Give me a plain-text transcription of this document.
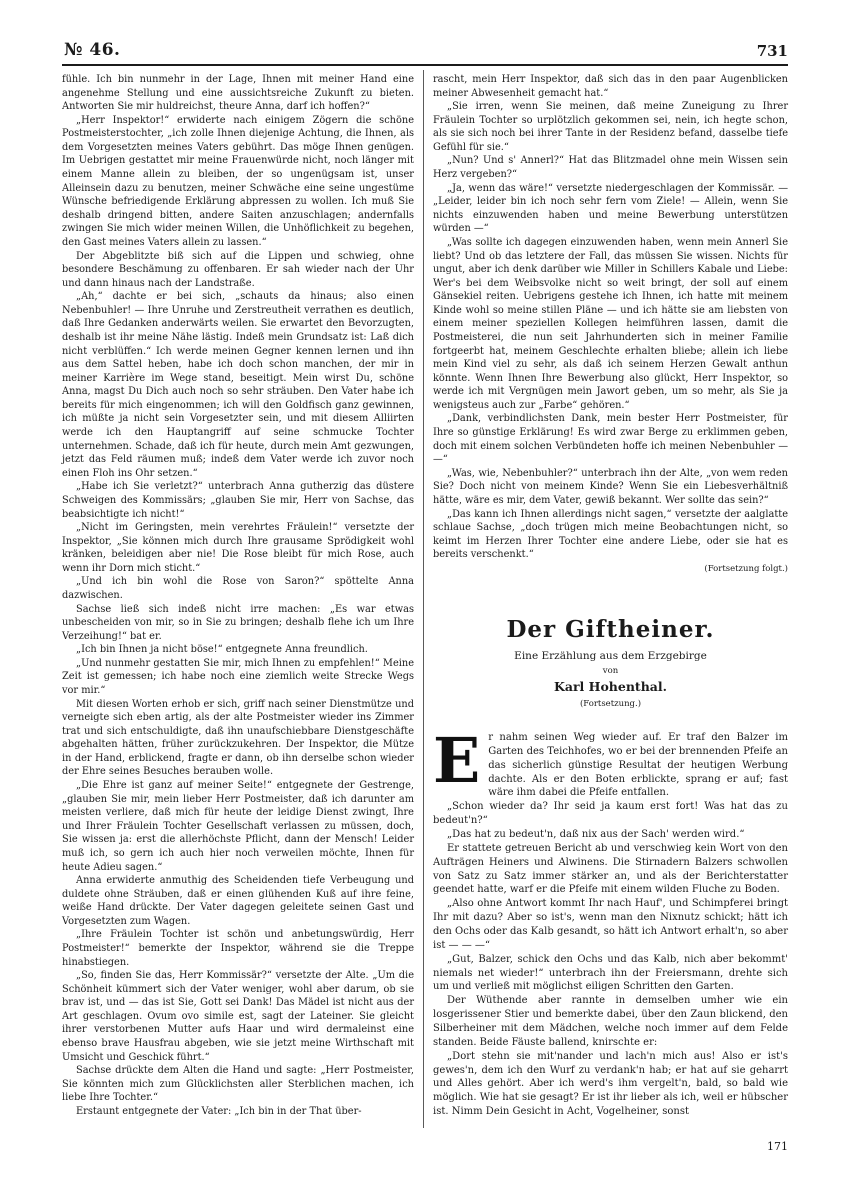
№ 46.	731

fühle. Ich bin nunmehr in der Lage, Ihnen mit meiner Hand eine angenehme Stellung und eine aussichtsreiche Zukunft zu bieten. Antworten Sie mir huldreichst, theure Anna, darf ich hoffen?“

„Herr Inspektor!“ erwiderte nach einigem Zögern die schöne Postmeisterstochter, „ich zolle Ihnen diejenige Achtung, die Ihnen, als dem Vorgesetzten meines Vaters gebührt. Das möge Ihnen genügen. Im Uebrigen gestattet mir meine Frauenwürde nicht, noch länger mit einem Manne allein zu bleiben, der so ungenügsam ist, unser Alleinsein dazu zu benutzen, meiner Schwäche eine seine ungestüme Wünsche befriedigende Erklärung abpressen zu wollen. Ich muß Sie deshalb dringend bitten, andere Saiten anzuschlagen; andernfalls zwingen Sie mich wider meinen Willen, die Unhöflichkeit zu begehen, den Gast meines Vaters allein zu lassen.“

Der Abgeblitzte biß sich auf die Lippen und schwieg, ohne besondere Beschämung zu offenbaren. Er sah wieder nach der Uhr und dann hinaus nach der Landstraße.

„Ah,“ dachte er bei sich, „schauts da hinaus; also einen Nebenbuhler! — Ihre Unruhe und Zerstreutheit verrathen es deutlich, daß Ihre Gedanken anderwärts weilen. Sie erwartet den Bevorzugten, deshalb ist ihr meine Nähe lästig. Indeß mein Grundsatz ist: Laß dich nicht verblüffen.“ Ich werde meinen Gegner kennen lernen und ihn aus dem Sattel heben, habe ich doch schon manchen, der mir in meiner Karrière im Wege stand, beseitigt. Mein wirst Du, schöne Anna, magst Du Dich auch noch so sehr sträuben. Den Vater habe ich bereits für mich eingenommen; ich will den Goldfisch ganz gewinnen, ich müßte ja nicht sein Vorgesetzter sein, und mit diesem Alliirten werde ich den Hauptangriff auf seine schmucke Tochter unternehmen. Schade, daß ich für heute, durch mein Amt gezwungen, jetzt das Feld räumen muß; indeß dem Vater werde ich zuvor noch einen Floh ins Ohr setzen.“

„Habe ich Sie verletzt?“ unterbrach Anna gutherzig das düstere Schweigen des Kommissärs; „glauben Sie mir, Herr von Sachse, das beabsichtigte ich nicht!“

„Nicht im Geringsten, mein verehrtes Fräulein!“ versetzte der Inspektor, „Sie können mich durch Ihre grausame Sprödigkeit wohl kränken, beleidigen aber nie! Die Rose bleibt für mich Rose, auch wenn ihr Dorn mich sticht.“

„Und ich bin wohl die Rose von Saron?“ spöttelte Anna dazwischen.

Sachse ließ sich indeß nicht irre machen: „Es war etwas unbescheiden von mir, so in Sie zu bringen; deshalb flehe ich um Ihre Verzeihung!“ bat er.

„Ich bin Ihnen ja nicht böse!“ entgegnete Anna freundlich.

„Und nunmehr gestatten Sie mir, mich Ihnen zu empfehlen!“ Meine Zeit ist gemessen; ich habe noch eine ziemlich weite Strecke Wegs vor mir.“

Mit diesen Worten erhob er sich, griff nach seiner Dienstmütze und verneigte sich eben artig, als der alte Postmeister wieder ins Zimmer trat und sich entschuldigte, daß ihn unaufschiebbare Dienstgeschäfte abgehalten hätten, früher zurückzukehren. Der Inspektor, die Mütze in der Hand, erblickend, fragte er dann, ob ihn derselbe schon wieder der Ehre seines Besuches berauben wolle.

„Die Ehre ist ganz auf meiner Seite!“ entgegnete der Gestrenge, „glauben Sie mir, mein lieber Herr Postmeister, daß ich darunter am meisten verliere, daß mich für heute der leidige Dienst zwingt, Ihre und Ihrer Fräulein Tochter Gesellschaft verlassen zu müssen, doch, Sie wissen ja: erst die allerhöchste Pflicht, dann der Mensch! Leider muß ich, so gern ich auch hier noch verweilen möchte, Ihnen für heute Adieu sagen.“

Anna erwiderte anmuthig des Scheidenden tiefe Verbeugung und duldete ohne Sträuben, daß er einen glühenden Kuß auf ihre feine, weiße Hand drückte. Der Vater dagegen geleitete seinen Gast und Vorgesetzten zum Wagen.

„Ihre Fräulein Tochter ist schön und anbetungswürdig, Herr Postmeister!“ bemerkte der Inspektor, während sie die Treppe hinabstiegen.

„So, finden Sie das, Herr Kommissär?“ versetzte der Alte. „Um die Schönheit kümmert sich der Vater weniger, wohl aber darum, ob sie brav ist, und — das ist Sie, Gott sei Dank! Das Mädel ist nicht aus der Art geschlagen. Ovum ovo simile est, sagt der Lateiner. Sie gleicht ihrer verstorbenen Mutter aufs Haar und wird dermaleinst eine ebenso brave Hausfrau abgeben, wie sie jetzt meine Wirthschaft mit Umsicht und Geschick führt.“

Sachse drückte dem Alten die Hand und sagte: „Herr Postmeister, Sie könnten mich zum Glücklichsten aller Sterblichen machen, ich liebe Ihre Tochter.“

Erstaunt entgegnete der Vater: „Ich bin in der That über-

rascht, mein Herr Inspektor, daß sich das in den paar Augenblicken meiner Abwesenheit gemacht hat.“

„Sie irren, wenn Sie meinen, daß meine Zuneigung zu Ihrer Fräulein Tochter so urplötzlich gekommen sei, nein, ich hegte schon, als sie sich noch bei ihrer Tante in der Residenz befand, dasselbe tiefe Gefühl für sie.“

„Nun? Und s' Annerl?“ Hat das Blitzmadel ohne mein Wissen sein Herz vergeben?“

„Ja, wenn das wäre!“ versetzte niedergeschlagen der Kommissär. — „Leider, leider bin ich noch sehr fern vom Ziele! — Allein, wenn Sie nichts einzuwenden haben und meine Bewerbung unterstützen würden —“

„Was sollte ich dagegen einzuwenden haben, wenn mein Annerl Sie liebt? Und ob das letztere der Fall, das müssen Sie wissen. Nichts für ungut, aber ich denk darüber wie Miller in Schillers Kabale und Liebe: Wer's bei dem Weibsvolke nicht so weit bringt, der soll auf einem Gänsekiel reiten. Uebrigens gestehe ich Ihnen, ich hatte mit meinem Kinde wohl so meine stillen Pläne — und ich hätte sie am liebsten von einem meiner speziellen Kollegen heimführen lassen, damit die Postmeisterei, die nun seit Jahrhunderten sich in meiner Familie fortgeerbt hat, meinem Geschlechte erhalten bliebe; allein ich liebe mein Kind viel zu sehr, als daß ich seinem Herzen Gewalt anthun könnte. Wenn Ihnen Ihre Bewerbung also glückt, Herr Inspektor, so werde ich mit Vergnügen mein Jawort geben, um so mehr, als Sie ja wenigsteus auch zur „Farbe“ gehören.“

„Dank, verbindlichsten Dank, mein bester Herr Postmeister, für Ihre so günstige Erklärung! Es wird zwar Berge zu erklimmen geben, doch mit einem solchen Verbündeten hoffe ich meinen Nebenbuhler — —“

„Was, wie, Nebenbuhler?“ unterbrach ihn der Alte, „von wem reden Sie? Doch nicht von meinem Kinde? Wenn Sie ein Liebesverhältniß hätte, wäre es mir, dem Vater, gewiß bekannt. Wer sollte das sein?“

„Das kann ich Ihnen allerdings nicht sagen,“ versetzte der aalglatte schlaue Sachse, „doch trügen mich meine Beobachtungen nicht, so keimt im Herzen Ihrer Tochter eine andere Liebe, oder sie hat es bereits verschenkt.“

(Fortsetzung folgt.)

Der Giftheiner.

Eine Erzählung aus dem Erzgebirge

von

Karl Hohenthal.

(Fortsetzung.)

Er nahm seinen Weg wieder auf. Er traf den Balzer im Garten des Teichhofes, wo er bei der brennenden Pfeife an das sicherlich günstige Resultat der heutigen Werbung dachte. Als er den Boten erblickte, sprang er auf; fast wäre ihm dabei die Pfeife entfallen.

„Schon wieder da? Ihr seid ja kaum erst fort! Was hat das zu bedeut'n?“

„Das hat zu bedeut'n, daß nix aus der Sach' werden wird.“

Er stattete getreuen Bericht ab und verschwieg kein Wort von den Aufträgen Heiners und Alwinens. Die Stirnadern Balzers schwollen von Satz zu Satz immer stärker an, und als der Berichterstatter geendet hatte, warf er die Pfeife mit einem wilden Fluche zu Boden.

„Also ohne Antwort kommt Ihr nach Hauf', und Schimpferei bringt Ihr mit dazu? Aber so ist's, wenn man den Nixnutz schickt; hätt ich den Ochs oder das Kalb gesandt, so hätt ich Antwort erhalt'n, so aber ist — — —“

„Gut, Balzer, schick den Ochs und das Kalb, nich aber bekommt' niemals net wieder!“ unterbrach ihn der Freiersmann, drehte sich um und verließ mit möglichst eiligen Schritten den Garten.

Der Wüthende aber rannte in demselben umher wie ein losgerissener Stier und bemerkte dabei, über den Zaun blickend, den Silberheiner mit dem Mädchen, welche noch immer auf dem Felde standen. Beide Fäuste ballend, knirschte er:

„Dort stehn sie mit'nander und lach'n mich aus! Also er ist's gewes'n, dem ich den Wurf zu verdank'n hab; er hat auf sie geharrt und Alles gehört. Aber ich werd's ihm vergelt'n, bald, so bald wie möglich. Wie hat sie gesagt? Er ist ihr lieber als ich, weil er hübscher ist. Nimm Dein Gesicht in Acht, Vogelheiner, sonst

171
